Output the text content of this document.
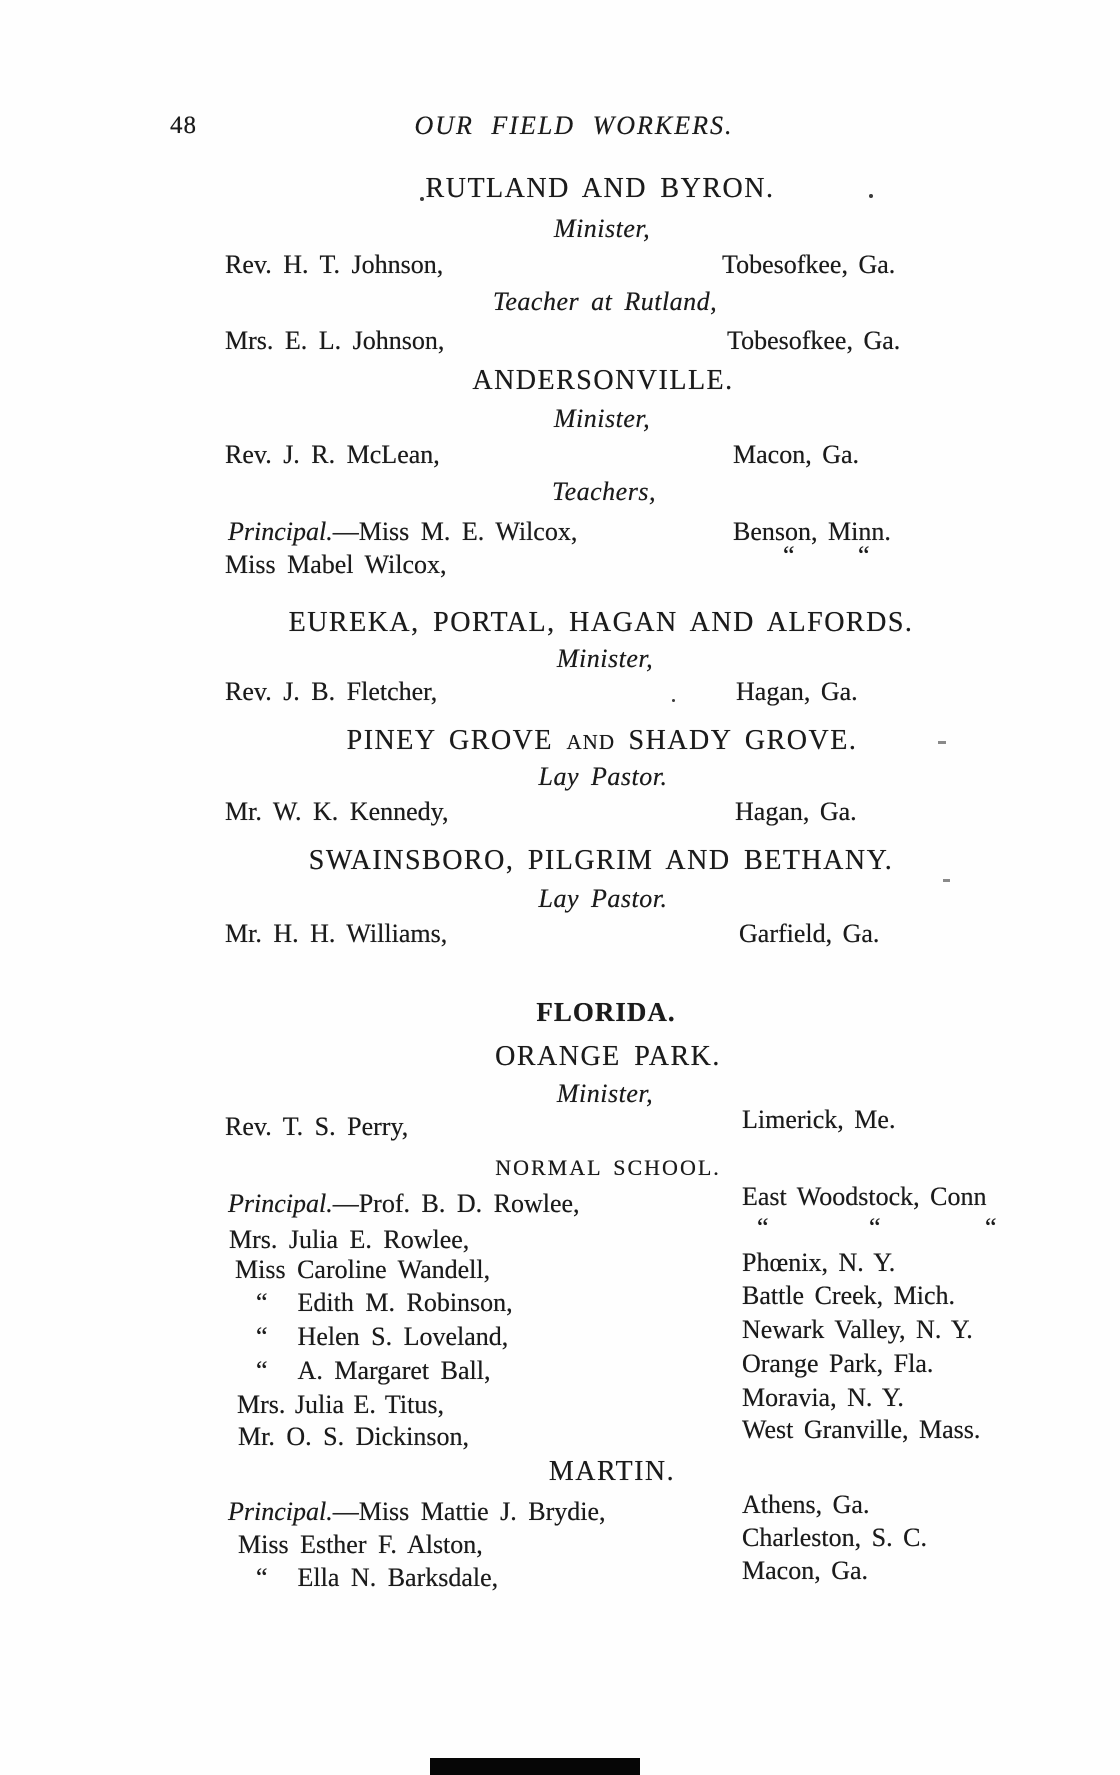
48	OUR FIELD WORKERS.
RUTLAND AND BYRON.
Minister,
Rev. H. T. Johnson,	Tobesofkee, Ga.
Teacher at Rutland,
Mrs. E. L. Johnson,	Tobesofkee, Ga.
ANDERSONVILLE.
Minister,
Rev. J. R. McLean,	Macon, Ga.
Teachers,
Principal.—Miss M. E. Wilcox,	Benson, Minn.
Miss Mabel Wilcox,	“ “
EUREKA, PORTAL, HAGAN AND ALFORDS.
Minister,
Rev. J. B. Fletcher,	Hagan, Ga.
PINEY GROVE AND SHADY GROVE.
Lay Pastor.
Mr. W. K. Kennedy,	Hagan, Ga.
SWAINSBORO, PILGRIM AND BETHANY.
Lay Pastor.
Mr. H. H. Williams,	Garfield, Ga.
FLORIDA.
ORANGE PARK.
Minister,
Rev. T. S. Perry,	Limerick, Me.
NORMAL SCHOOL.
Principal.—Prof. B. D. Rowlee,	East Woodstock, Conn
Mrs. Julia E. Rowlee,	“	“	“
Miss Caroline Wandell,	Phœnix, N. Y.
“ Edith M. Robinson,	Battle Creek, Mich.
“ Helen S. Loveland,	Newark Valley, N. Y.
“ A. Margaret Ball,	Orange Park, Fla.
Mrs. Julia E. Titus,	Moravia, N. Y.
Mr. O. S. Dickinson,	West Granville, Mass.
MARTIN.
Principal.—Miss Mattie J. Brydie,	Athens, Ga.
Miss Esther F. Alston,	Charleston, S. C.
“ Ella N. Barksdale,	Macon, Ga.
